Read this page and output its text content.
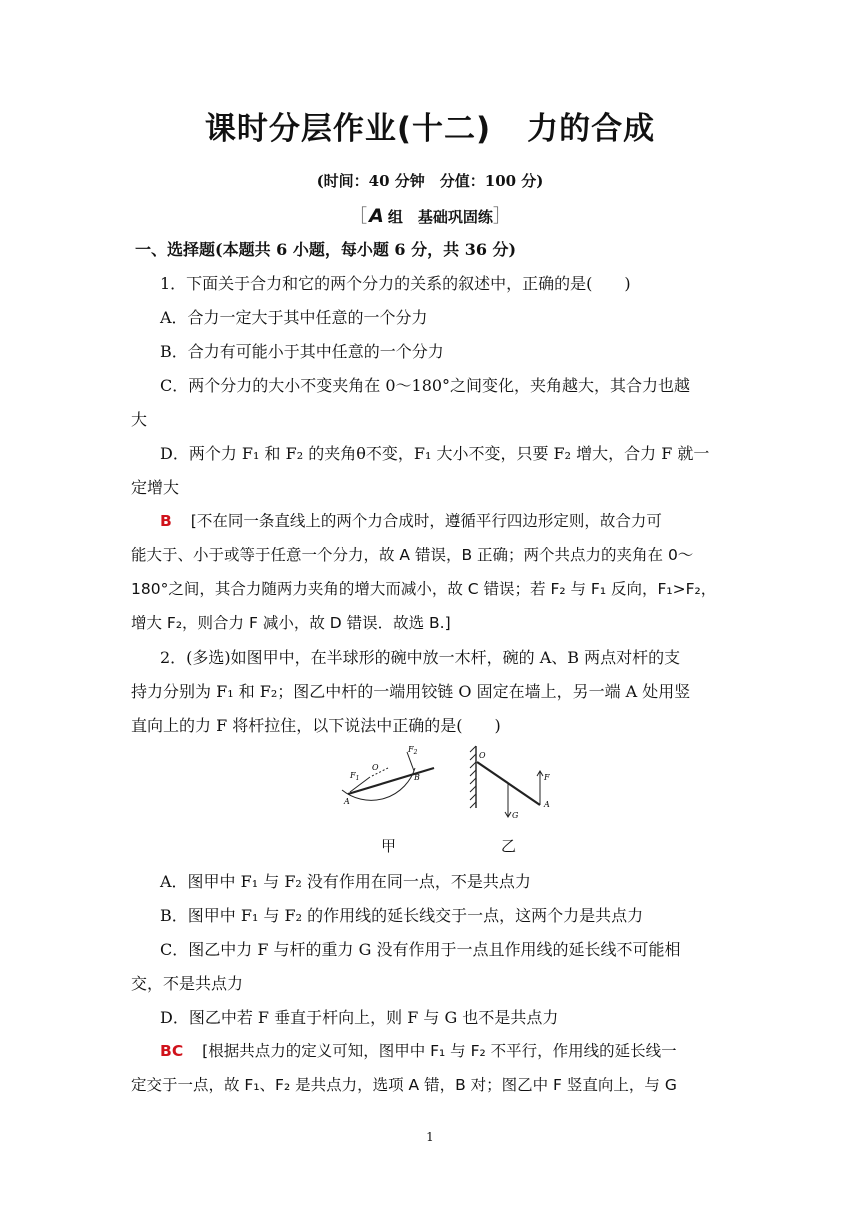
课时分层作业(十二) 力的合成
(时间：40 分钟　分值：100 分)
［ A 组　基础巩固练］
一、选择题(本题共 6 小题，每小题 6 分，共 36 分)
1．下面关于合力和它的两个分力的关系的叙述中，正确的是(　　)
A．合力一定大于其中任意的一个分力
B．合力有可能小于其中任意的一个分力
C．两个分力的大小不变夹角在 0～180°之间变化，夹角越大，其合力也越
大
D．两个力 F₁ 和 F₂ 的夹角θ不变，F₁ 大小不变，只要 F₂ 增大，合力 F 就一
定增大
B [不在同一条直线上的两个力合成时，遵循平行四边形定则，故合力可
能大于、小于或等于任意一个分力，故 A 错误，B 正确；两个共点力的夹角在 0～
180°之间，其合力随两力夹角的增大而减小，故 C 错误；若 F₂ 与 F₁ 反向，F₁>F₂，
增大 F₂，则合力 F 减小，故 D 错误．故选 B.]
2．(多选)如图甲中，在半球形的碗中放一木杆，碗的 A、B 两点对杆的支
持力分别为 F₁ 和 F₂；图乙中杆的一端用铰链 O 固定在墙上，另一端 A 处用竖
直向上的力 F 将杆拉住，以下说法中正确的是(　　)
$F_1$
$F_2$
O
A
B
O
G
F
A
甲	乙
A．图甲中 F₁ 与 F₂ 没有作用在同一点，不是共点力
B．图甲中 F₁ 与 F₂ 的作用线的延长线交于一点，这两个力是共点力
C．图乙中力 F 与杆的重力 G 没有作用于一点且作用线的延长线不可能相
交，不是共点力
D．图乙中若 F 垂直于杆向上，则 F 与 G 也不是共点力
BC [根据共点力的定义可知，图甲中 F₁ 与 F₂ 不平行，作用线的延长线一
定交于一点，故 F₁、F₂ 是共点力，选项 A 错，B 对；图乙中 F 竖直向上，与 G
1
